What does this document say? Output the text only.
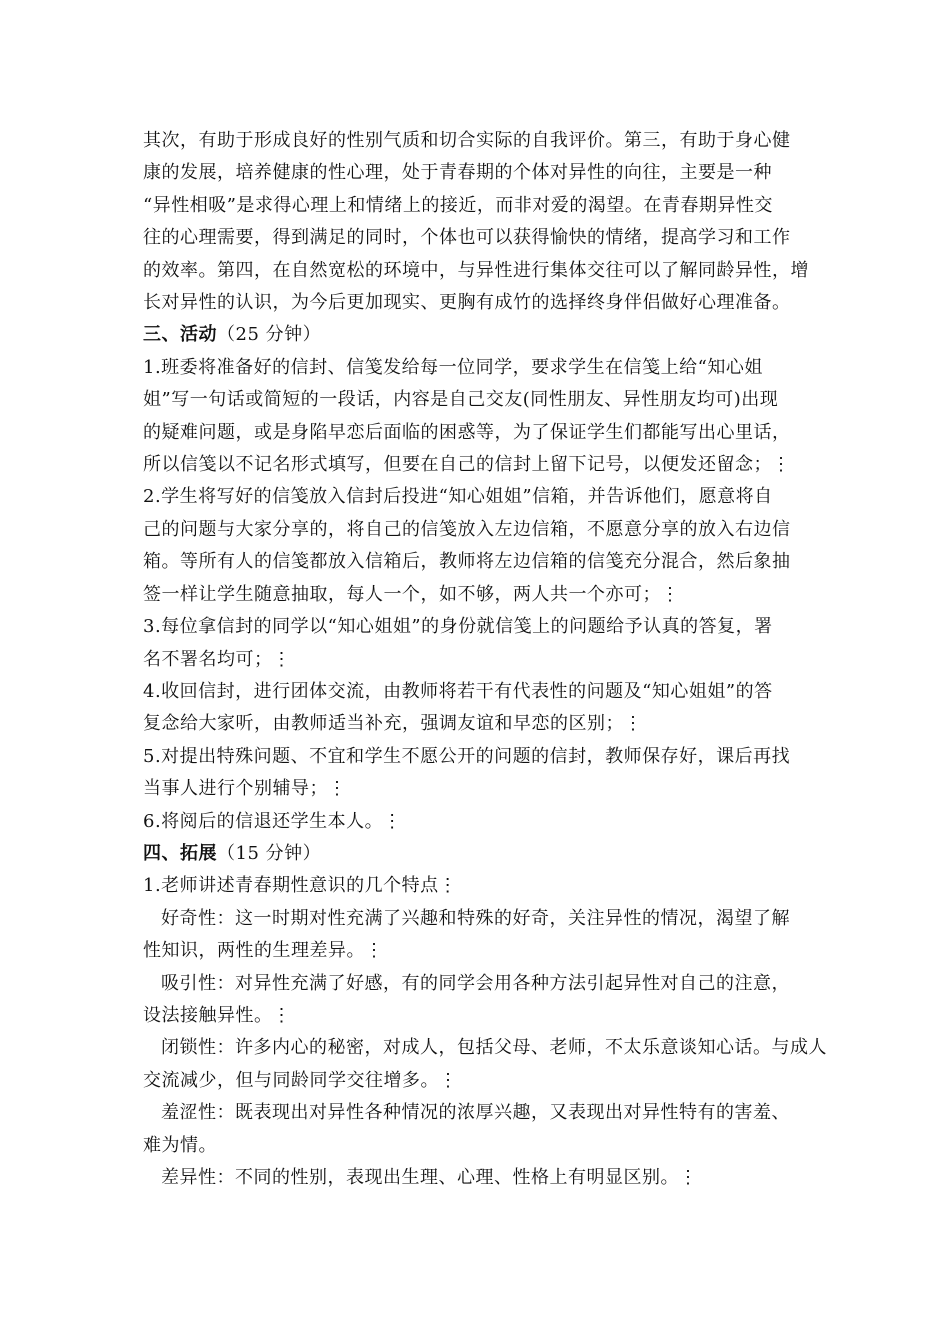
其次，有助于形成良好的性别气质和切合实际的自我评价。第三，有助于身心健
康的发展，培养健康的性心理，处于青春期的个体对异性的向往，主要是一种
“异性相吸”是求得心理上和情绪上的接近，而非对爱的渴望。在青春期异性交
往的心理需要，得到满足的同时，个体也可以获得愉快的情绪，提高学习和工作
的效率。第四，在自然宽松的环境中，与异性进行集体交往可以了解同龄异性，增
长对异性的认识，为今后更加现实、更胸有成竹的选择终身伴侣做好心理准备。
三、活动（25 分钟）
1.班委将准备好的信封、信笺发给每一位同学，要求学生在信笺上给“知心姐
姐”写一句话或简短的一段话，内容是自己交友(同性朋友、异性朋友均可)出现
的疑难问题，或是身陷早恋后面临的困惑等，为了保证学生们都能写出心里话，
所以信笺以不记名形式填写，但要在自己的信封上留下记号，以便发还留念；⋮
2.学生将写好的信笺放入信封后投进“知心姐姐”信箱，并告诉他们，愿意将自
己的问题与大家分享的，将自己的信笺放入左边信箱，不愿意分享的放入右边信
箱。等所有人的信笺都放入信箱后，教师将左边信箱的信笺充分混合，然后象抽
签一样让学生随意抽取，每人一个，如不够，两人共一个亦可；⋮
3.每位拿信封的同学以“知心姐姐”的身份就信笺上的问题给予认真的答复，署
名不署名均可；⋮
4.收回信封，进行团体交流，由教师将若干有代表性的问题及“知心姐姐”的答
复念给大家听，由教师适当补充，强调友谊和早恋的区别；⋮
5.对提出特殊问题、不宜和学生不愿公开的问题的信封，教师保存好，课后再找
当事人进行个别辅导；⋮
6.将阅后的信退还学生本人。⋮
四、拓展（15 分钟）
1.老师讲述青春期性意识的几个特点⋮
好奇性：这一时期对性充满了兴趣和特殊的好奇，关注异性的情况，渴望了解
性知识，两性的生理差异。⋮
吸引性：对异性充满了好感，有的同学会用各种方法引起异性对自己的注意，
设法接触异性。⋮
闭锁性：许多内心的秘密，对成人，包括父母、老师，不太乐意谈知心话。与成人
交流减少，但与同龄同学交往增多。⋮
羞涩性：既表现出对异性各种情况的浓厚兴趣，又表现出对异性特有的害羞、
难为情。
差异性：不同的性别，表现出生理、心理、性格上有明显区别。⋮
